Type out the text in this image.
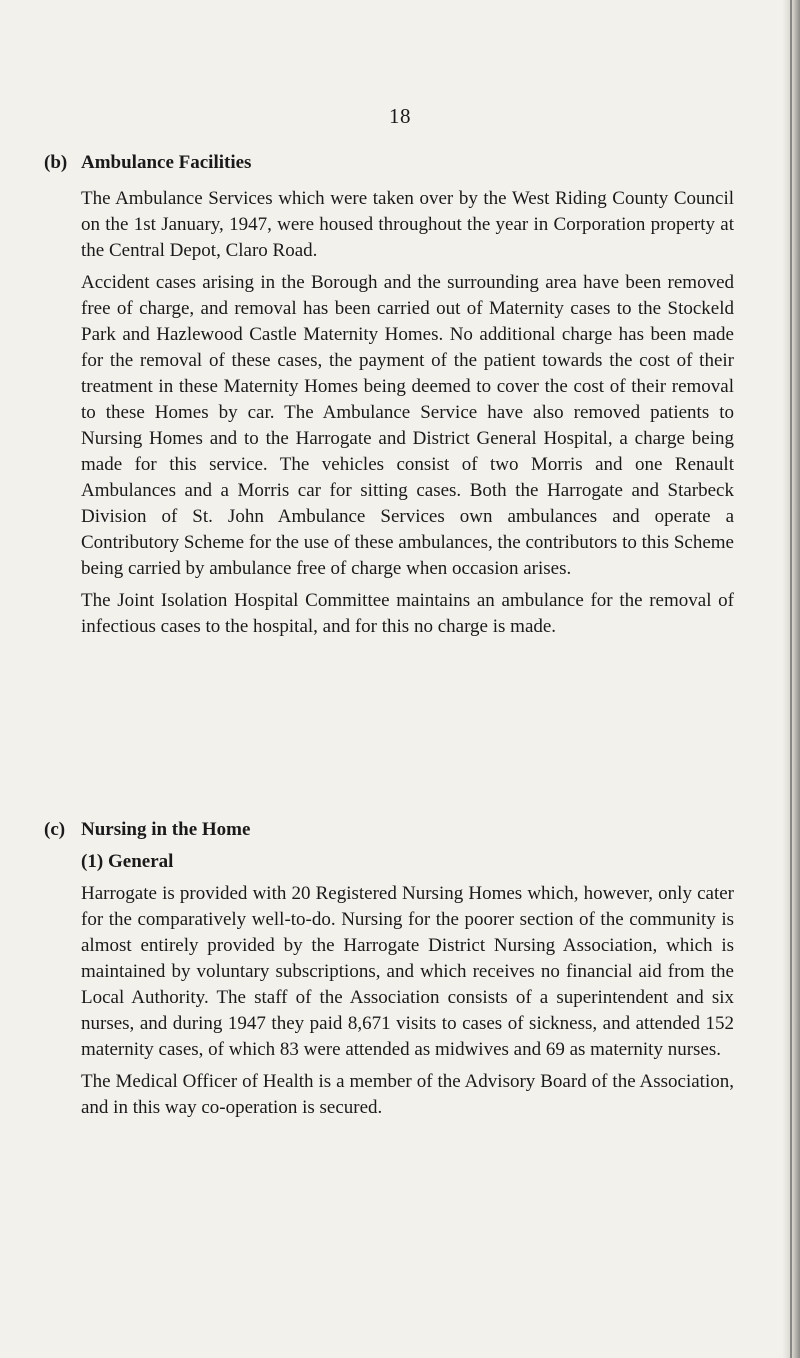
18
(b) Ambulance Facilities

The Ambulance Services which were taken over by the West Riding County Council on the 1st January, 1947, were housed throughout the year in Corporation property at the Central Depot, Claro Road.

Accident cases arising in the Borough and the surrounding area have been removed free of charge, and removal has been carried out of Maternity cases to the Stockeld Park and Hazlewood Castle Maternity Homes. No additional charge has been made for the removal of these cases, the payment of the patient towards the cost of their treatment in these Maternity Homes being deemed to cover the cost of their removal to these Homes by car. The Ambulance Service have also removed patients to Nursing Homes and to the Harrogate and District General Hospital, a charge being made for this service. The vehicles consist of two Morris and one Renault Ambulances and a Morris car for sitting cases. Both the Harrogate and Starbeck Division of St. John Ambulance Services own ambulances and operate a Contributory Scheme for the use of these ambulances, the contributors to this Scheme being carried by ambulance free of charge when occasion arises.

The Joint Isolation Hospital Committee maintains an ambulance for the removal of infectious cases to the hospital, and for this no charge is made.

(c) Nursing in the Home
(1) General

Harrogate is provided with 20 Registered Nursing Homes which, however, only cater for the comparatively well-to-do. Nursing for the poorer section of the community is almost entirely provided by the Harrogate District Nursing Association, which is maintained by voluntary subscriptions, and which receives no financial aid from the Local Authority. The staff of the Association consists of a superintendent and six nurses, and during 1947 they paid 8,671 visits to cases of sickness, and attended 152 maternity cases, of which 83 were attended as midwives and 69 as maternity nurses.

The Medical Officer of Health is a member of the Advisory Board of the Association, and in this way co-operation is secured.
